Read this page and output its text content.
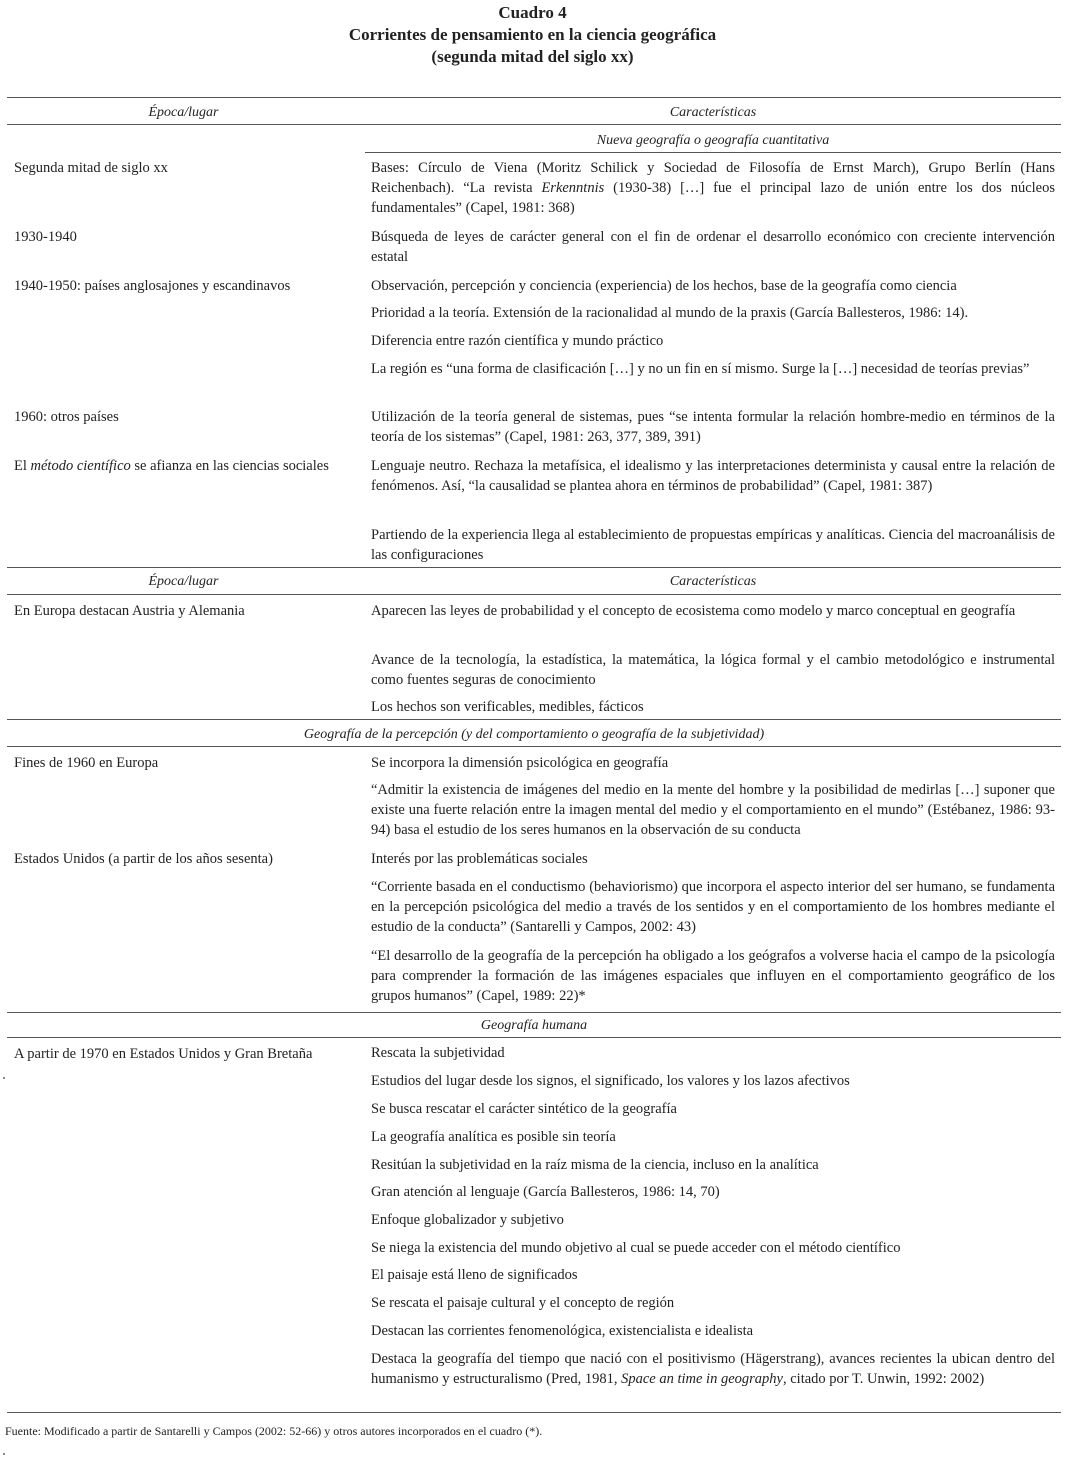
Cuadro 4
Corrientes de pensamiento en la ciencia geográfica
(segunda mitad del siglo xx)
Época/lugar	Características
Nueva geografía o geografía cuantitativa
Segunda mitad de siglo xx	Bases: Círculo de Viena (Moritz Schilick y Sociedad de Filosofía de Ernst March), Grupo Berlín (Hans Reichenbach). “La revista Erkenntnis (1930-38) […] fue el principal lazo de unión entre los dos núcleos fundamentales” (Capel, 1981: 368)
1930-1940	Búsqueda de leyes de carácter general con el fin de ordenar el desarrollo económico con creciente intervención estatal
1940-1950: países anglosajones y escandinavos	Observación, percepción y conciencia (experiencia) de los hechos, base de la geografía como ciencia
Prioridad a la teoría. Extensión de la racionalidad al mundo de la praxis (García Ballesteros, 1986: 14).
Diferencia entre razón científica y mundo práctico
La región es “una forma de clasificación […] y no un fin en sí mismo. Surge la […] necesidad de teorías previas”
1960: otros países	Utilización de la teoría general de sistemas, pues “se intenta formular la relación hombre-medio en términos de la teoría de los sistemas” (Capel, 1981: 263, 377, 389, 391)
El método científico se afianza en las ciencias sociales	Lenguaje neutro. Rechaza la metafísica, el idealismo y las interpretaciones determinista y causal entre la relación de fenómenos. Así, “la causalidad se plantea ahora en términos de probabilidad” (Capel, 1981: 387)
Partiendo de la experiencia llega al establecimiento de propuestas empíricas y analíticas. Ciencia del macroanálisis de las configuraciones
Época/lugar	Características
En Europa destacan Austria y Alemania	Aparecen las leyes de probabilidad y el concepto de ecosistema como modelo y marco conceptual en geografía
Avance de la tecnología, la estadística, la matemática, la lógica formal y el cambio metodológico e instrumental como fuentes seguras de conocimiento
Los hechos son verificables, medibles, fácticos
Geografía de la percepción (y del comportamiento o geografía de la subjetividad)
Fines de 1960 en Europa	Se incorpora la dimensión psicológica en geografía
“Admitir la existencia de imágenes del medio en la mente del hombre y la posibilidad de medirlas […] suponer que existe una fuerte relación entre la imagen mental del medio y el comportamiento en el mundo” (Estébanez, 1986: 93-94) basa el estudio de los seres humanos en la observación de su conducta
Estados Unidos (a partir de los años sesenta)	Interés por las problemáticas sociales
“Corriente basada en el conductismo (behaviorismo) que incorpora el aspecto interior del ser humano, se fundamenta en la percepción psicológica del medio a través de los sentidos y en el comportamiento de los hombres mediante el estudio de la conducta” (Santarelli y Campos, 2002: 43)
“El desarrollo de la geografía de la percepción ha obligado a los geógrafos a volverse hacia el campo de la psicología para comprender la formación de las imágenes espaciales que influyen en el comportamiento geográfico de los grupos humanos” (Capel, 1989: 22)*
Geografía humana
A partir de 1970 en Estados Unidos y Gran Bretaña	Rescata la subjetividad
Estudios del lugar desde los signos, el significado, los valores y los lazos afectivos
Se busca rescatar el carácter sintético de la geografía
La geografía analítica es posible sin teoría
Resitúan la subjetividad en la raíz misma de la ciencia, incluso en la analítica
Gran atención al lenguaje (García Ballesteros, 1986: 14, 70)
Enfoque globalizador y subjetivo
Se niega la existencia del mundo objetivo al cual se puede acceder con el método científico
El paisaje está lleno de significados
Se rescata el paisaje cultural y el concepto de región
Destacan las corrientes fenomenológica, existencialista e idealista
Destaca la geografía del tiempo que nació con el positivismo (Hägerstrang), avances recientes la ubican dentro del humanismo y estructuralismo (Pred, 1981, Space an time in geography, citado por T. Unwin, 1992: 2002)
Fuente: Modificado a partir de Santarelli y Campos (2002: 52-66) y otros autores incorporados en el cuadro (*).
